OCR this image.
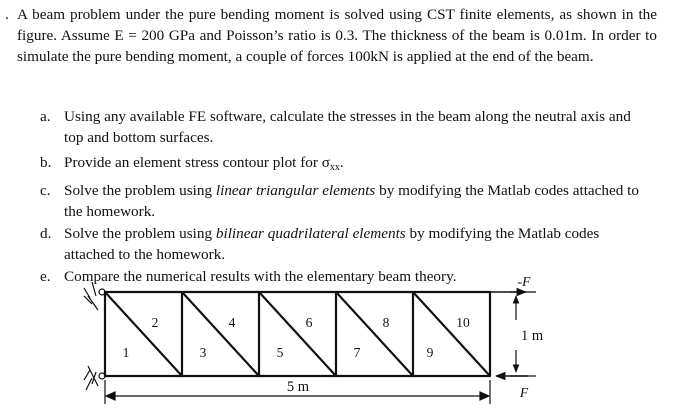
. A beam problem under the pure bending moment is solved using CST finite elements, as shown in the figure. Assume E = 200 GPa and Poisson’s ratio is 0.3. The thickness of the beam is 0.01m. In order to simulate the pure bending moment, a couple of forces 100kN is applied at the end of the beam.
a. Using any available FE software, calculate the stresses in the beam along the neutral axis and top and bottom surfaces.
b. Provide an element stress contour plot for $\sigma_{xx}$.
c. Solve the problem using linear triangular elements by modifying the Matlab codes attached to the homework.
d. Solve the problem using bilinear quadrilateral elements by modifying the Matlab codes attached to the homework.
e. Compare the numerical results with the elementary beam theory.
1
2
3
4
5
6
7
8
9
10
-F
F
1 m
5 m
